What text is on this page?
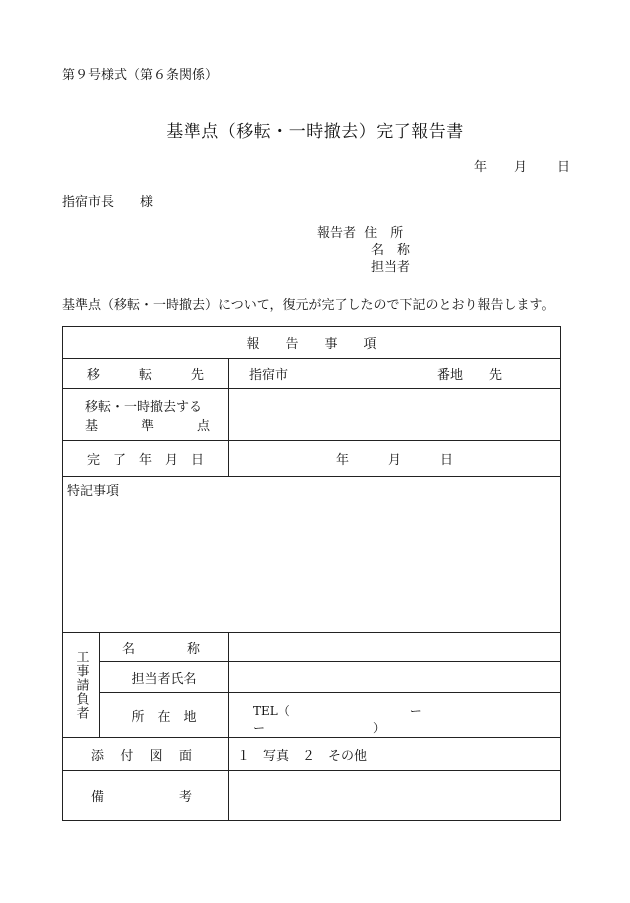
第９号様式（第６条関係）
基準点（移転・一時撤去）完了報告書
年 月 日
指宿市長　　様
報告者 住　所
名　称
担当者
基準点（移転・一時撤去）について，復元が完了したので下記のとおり報告します。
報　　告　　事　　項		

移 転 先		指宿市 番地　　先

移転・一時撤去する
基 準 点		

完 了 年 月 日		年　　　月　　　日

特記事項		

工事請負者	名 称	

	担当者氏名	
	所　在　地	TEL（　　　　　　　　　　ー　　　　　　　ー　　　　　　　　　）

添 付 図 面		１　写真　２　その他

備 考		
